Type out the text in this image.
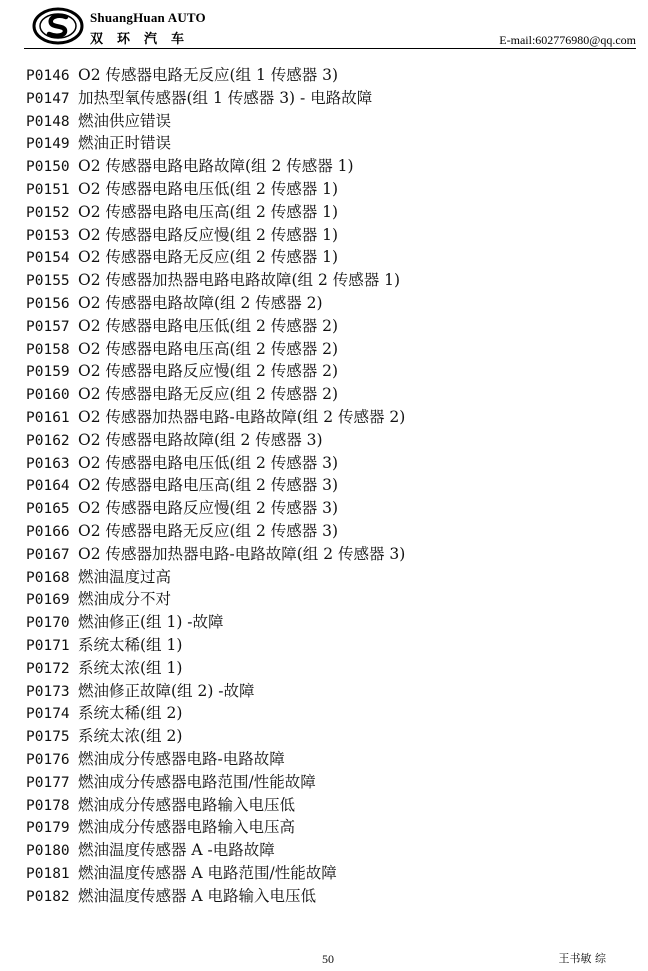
ShuangHuan AUTO
双环汽车	E-mail:602776980@qq.com
P0146 O2 传感器电路无反应(组 1 传感器 3)
P0147 加热型氧传感器(组 1 传感器 3) - 电路故障
P0148 燃油供应错误
P0149 燃油正时错误
P0150 O2 传感器电路电路故障(组 2 传感器 1)
P0151 O2 传感器电路电压低(组 2 传感器 1)
P0152 O2 传感器电路电压高(组 2 传感器 1)
P0153 O2 传感器电路反应慢(组 2 传感器 1)
P0154 O2 传感器电路无反应(组 2 传感器 1)
P0155 O2 传感器加热器电路电路故障(组 2 传感器 1)
P0156 O2 传感器电路故障(组 2 传感器 2)
P0157 O2 传感器电路电压低(组 2 传感器 2)
P0158 O2 传感器电路电压高(组 2 传感器 2)
P0159 O2 传感器电路反应慢(组 2 传感器 2)
P0160 O2 传感器电路无反应(组 2 传感器 2)
P0161 O2 传感器加热器电路-电路故障(组 2 传感器 2)
P0162 O2 传感器电路故障(组 2 传感器 3)
P0163 O2 传感器电路电压低(组 2 传感器 3)
P0164 O2 传感器电路电压高(组 2 传感器 3)
P0165 O2 传感器电路反应慢(组 2 传感器 3)
P0166 O2 传感器电路无反应(组 2 传感器 3)
P0167 O2 传感器加热器电路-电路故障(组 2 传感器 3)
P0168 燃油温度过高
P0169 燃油成分不对
P0170 燃油修正(组 1) -故障
P0171 系统太稀(组 1)
P0172 系统太浓(组 1)
P0173 燃油修正故障(组 2) -故障
P0174 系统太稀(组 2)
P0175 系统太浓(组 2)
P0176 燃油成分传感器电路-电路故障
P0177 燃油成分传感器电路范围/性能故障
P0178 燃油成分传感器电路输入电压低
P0179 燃油成分传感器电路输入电压高
P0180 燃油温度传感器 A -电路故障
P0181 燃油温度传感器 A 电路范围/性能故障
P0182 燃油温度传感器 A 电路输入电压低
50	王书敏 综
